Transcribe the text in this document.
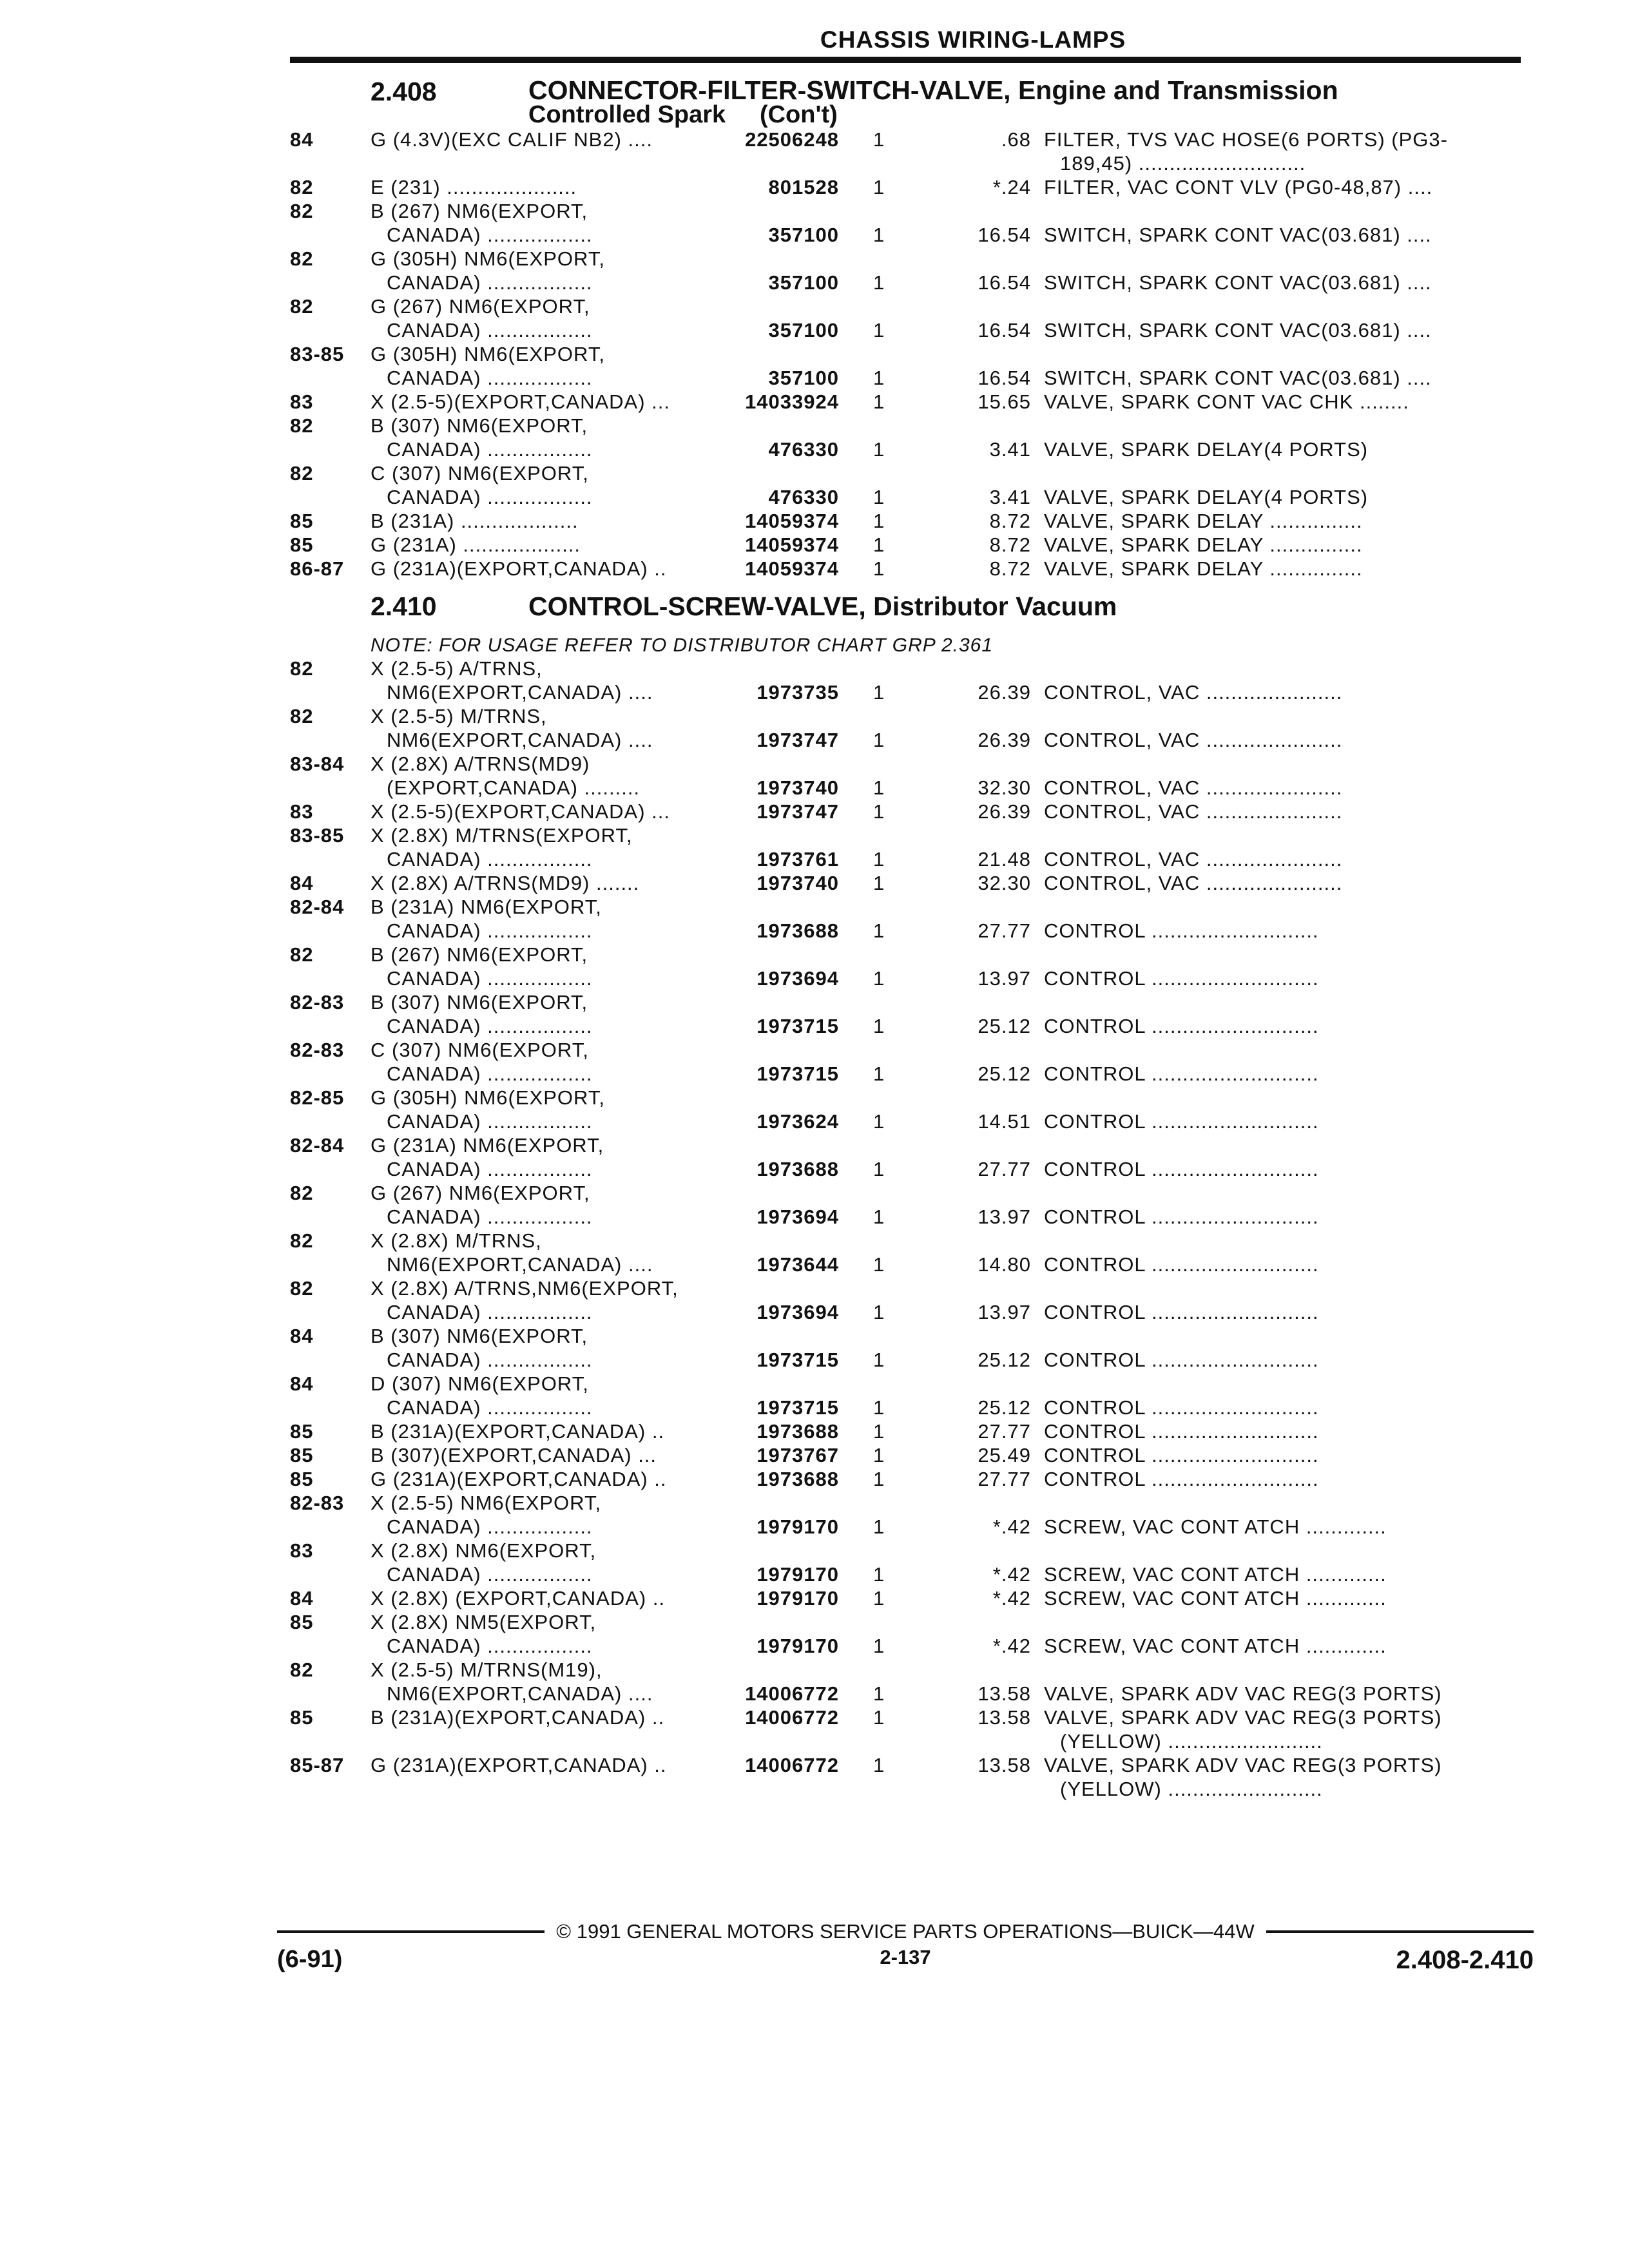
CHASSIS WIRING-LAMPS
2.408	CONNECTOR-FILTER-SWITCH-VALVE, Engine and Transmission
Controlled Spark     (Con't)
84	G (4.3V)(EXC CALIF NB2) ....	22506248 1	.68 FILTER, TVS VAC HOSE(6 PORTS) (PG3-
189,45) ...........................
82	E (231) .....................	801528 1	*.24 FILTER, VAC CONT VLV (PG0-48,87) ....
82	B (267) NM6(EXPORT,
CANADA) .................	357100 1	16.54 SWITCH, SPARK CONT VAC(03.681) ....
82	G (305H) NM6(EXPORT,
CANADA) .................	357100 1	16.54 SWITCH, SPARK CONT VAC(03.681) ....
82	G (267) NM6(EXPORT,
CANADA) .................	357100 1	16.54 SWITCH, SPARK CONT VAC(03.681) ....
83-85	G (305H) NM6(EXPORT,
CANADA) .................	357100 1	16.54 SWITCH, SPARK CONT VAC(03.681) ....
83	X (2.5-5)(EXPORT,CANADA) ...	14033924 1	15.65 VALVE, SPARK CONT VAC CHK ........
82	B (307) NM6(EXPORT,
CANADA) .................	476330 1	3.41 VALVE, SPARK DELAY(4 PORTS)
82	C (307) NM6(EXPORT,
CANADA) .................	476330 1	3.41 VALVE, SPARK DELAY(4 PORTS)
85	B (231A) ...................	14059374 1	8.72 VALVE, SPARK DELAY ...............
85	G (231A) ...................	14059374 1	8.72 VALVE, SPARK DELAY ...............
86-87	G (231A)(EXPORT,CANADA) ..	14059374 1	8.72 VALVE, SPARK DELAY ...............
2.410	CONTROL-SCREW-VALVE, Distributor Vacuum
NOTE: FOR USAGE REFER TO DISTRIBUTOR CHART GRP 2.361
82	X (2.5-5) A/TRNS,
NM6(EXPORT,CANADA) ....	1973735 1	26.39 CONTROL, VAC ......................
82	X (2.5-5) M/TRNS,
NM6(EXPORT,CANADA) ....	1973747 1	26.39 CONTROL, VAC ......................
83-84	X (2.8X) A/TRNS(MD9)
(EXPORT,CANADA) .........	1973740 1	32.30 CONTROL, VAC ......................
83	X (2.5-5)(EXPORT,CANADA) ...	1973747 1	26.39 CONTROL, VAC ......................
83-85	X (2.8X) M/TRNS(EXPORT,
CANADA) .................	1973761 1	21.48 CONTROL, VAC ......................
84	X (2.8X) A/TRNS(MD9) .......	1973740 1	32.30 CONTROL, VAC ......................
82-84	B (231A) NM6(EXPORT,
CANADA) .................	1973688 1	27.77 CONTROL ...........................
82	B (267) NM6(EXPORT,
CANADA) .................	1973694 1	13.97 CONTROL ...........................
82-83	B (307) NM6(EXPORT,
CANADA) .................	1973715 1	25.12 CONTROL ...........................
82-83	C (307) NM6(EXPORT,
CANADA) .................	1973715 1	25.12 CONTROL ...........................
82-85	G (305H) NM6(EXPORT,
CANADA) .................	1973624 1	14.51 CONTROL ...........................
82-84	G (231A) NM6(EXPORT,
CANADA) .................	1973688 1	27.77 CONTROL ...........................
82	G (267) NM6(EXPORT,
CANADA) .................	1973694 1	13.97 CONTROL ...........................
82	X (2.8X) M/TRNS,
NM6(EXPORT,CANADA) ....	1973644 1	14.80 CONTROL ...........................
82	X (2.8X) A/TRNS,NM6(EXPORT,
CANADA) .................	1973694 1	13.97 CONTROL ...........................
84	B (307) NM6(EXPORT,
CANADA) .................	1973715 1	25.12 CONTROL ...........................
84	D (307) NM6(EXPORT,
CANADA) .................	1973715 1	25.12 CONTROL ...........................
85	B (231A)(EXPORT,CANADA) ..	1973688 1	27.77 CONTROL ...........................
85	B (307)(EXPORT,CANADA) ...	1973767 1	25.49 CONTROL ...........................
85	G (231A)(EXPORT,CANADA) ..	1973688 1	27.77 CONTROL ...........................
82-83	X (2.5-5) NM6(EXPORT,
CANADA) .................	1979170 1	*.42 SCREW, VAC CONT ATCH .............
83	X (2.8X) NM6(EXPORT,
CANADA) .................	1979170 1	*.42 SCREW, VAC CONT ATCH .............
84	X (2.8X) (EXPORT,CANADA) ..	1979170 1	*.42 SCREW, VAC CONT ATCH .............
85	X (2.8X) NM5(EXPORT,
CANADA) .................	1979170 1	*.42 SCREW, VAC CONT ATCH .............
82	X (2.5-5) M/TRNS(M19),
NM6(EXPORT,CANADA) ....	14006772 1	13.58 VALVE, SPARK ADV VAC REG(3 PORTS)
85	B (231A)(EXPORT,CANADA) ..	14006772 1	13.58 VALVE, SPARK ADV VAC REG(3 PORTS)
(YELLOW) .........................
85-87	G (231A)(EXPORT,CANADA) ..	14006772 1	13.58 VALVE, SPARK ADV VAC REG(3 PORTS)
(YELLOW) .........................
© 1991 GENERAL MOTORS SERVICE PARTS OPERATIONS—BUICK—44W
(6-91)	2-137	2.408-2.410
